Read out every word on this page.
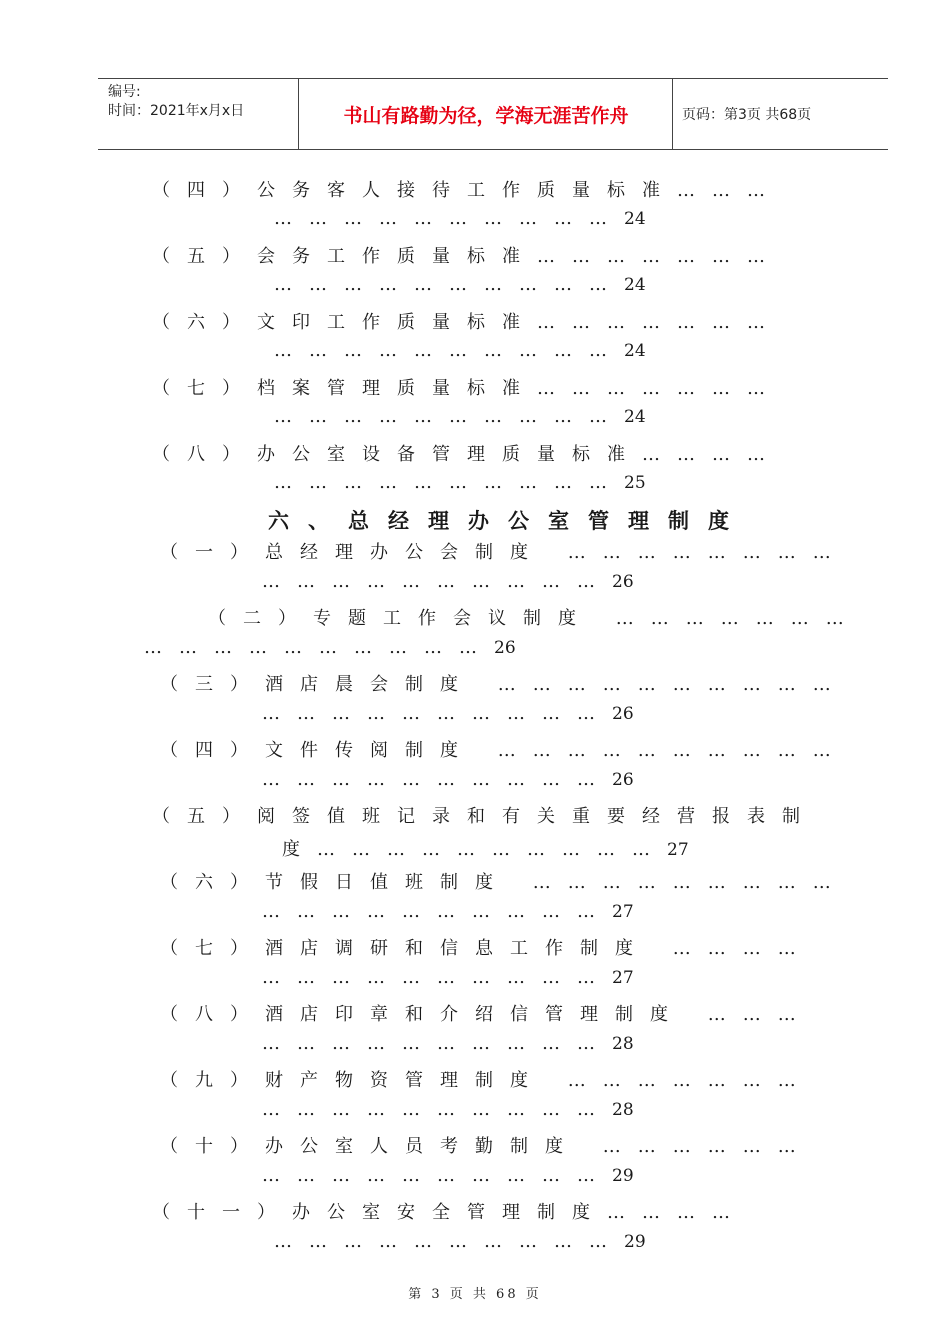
编号:
时间：2021年x月x日	书山有路勤为径，学海无涯苦作舟	页码：第3页 共68页
（四）公务客人接待工作质量标准………
…………………………24
（五）会务工作质量标准…………………
…………………………24
（六）文印工作质量标准…………………
…………………………24
（七）档案管理质量标准…………………
…………………………24
（八）办公室设备管理质量标准…………
…………………………25
六、总经理办公室管理制度
（一）总经理办公会制度 ……………………
…………………………26
（二）专题工作会议制度 …………………
…………………………26
（三）酒店晨会制度 …………………………
…………………………26
（四）文件传阅制度 …………………………
…………………………26
（五）阅签值班记录和有关重要经营报表制
度…………………………27
（六）节假日值班制度 ………………………
…………………………27
（七）酒店调研和信息工作制度 …………
…………………………27
（八）酒店印章和介绍信管理制度 ………
…………………………28
（九）财产物资管理制度 …………………
…………………………28
（十）办公室人员考勤制度 ………………
…………………………29
（十一）办公室安全管理制度…………
…………………………29
第 3 页 共 68 页
